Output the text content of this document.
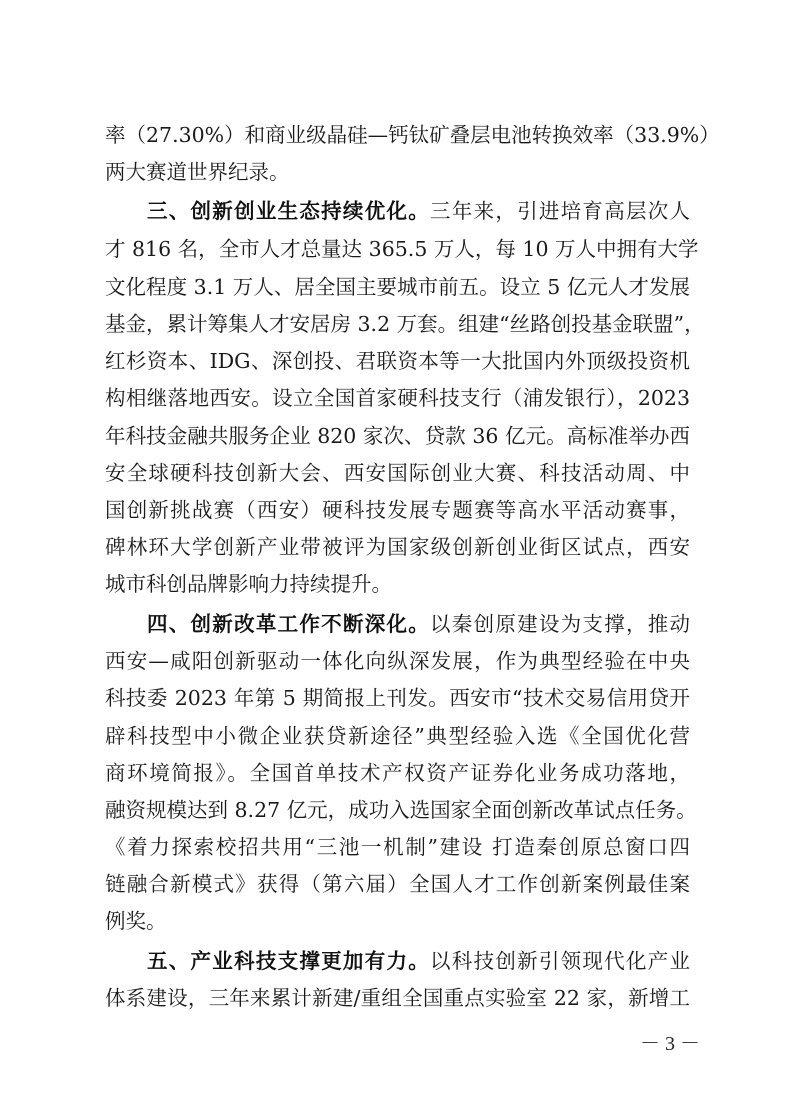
率（27.30%）和商业级晶硅—钙钛矿叠层电池转换效率（33.9%）
两大赛道世界纪录。
三、创新创业生态持续优化。三年来，引进培育高层次人
才 816 名，全市人才总量达 365.5 万人，每 10 万人中拥有大学
文化程度 3.1 万人、居全国主要城市前五。设立 5 亿元人才发展
基金，累计筹集人才安居房 3.2 万套。组建“丝路创投基金联盟”，
红杉资本、IDG、深创投、君联资本等一大批国内外顶级投资机
构相继落地西安。设立全国首家硬科技支行（浦发银行），2023
年科技金融共服务企业 820 家次、贷款 36 亿元。高标准举办西
安全球硬科技创新大会、西安国际创业大赛、科技活动周、中
国创新挑战赛（西安）硬科技发展专题赛等高水平活动赛事，
碑林环大学创新产业带被评为国家级创新创业街区试点，西安
城市科创品牌影响力持续提升。
四、创新改革工作不断深化。以秦创原建设为支撑，推动
西安—咸阳创新驱动一体化向纵深发展，作为典型经验在中央
科技委 2023 年第 5 期简报上刊发。西安市“技术交易信用贷开
辟科技型中小微企业获贷新途径”典型经验入选《全国优化营
商环境简报》。全国首单技术产权资产证券化业务成功落地，
融资规模达到 8.27 亿元，成功入选国家全面创新改革试点任务。
《着力探索校招共用“三池一机制”建设 打造秦创原总窗口四
链融合新模式》获得（第六届）全国人才工作创新案例最佳案
例奖。
五、产业科技支撑更加有力。以科技创新引领现代化产业
体系建设，三年来累计新建/重组全国重点实验室 22 家，新增工
－ 3 －
